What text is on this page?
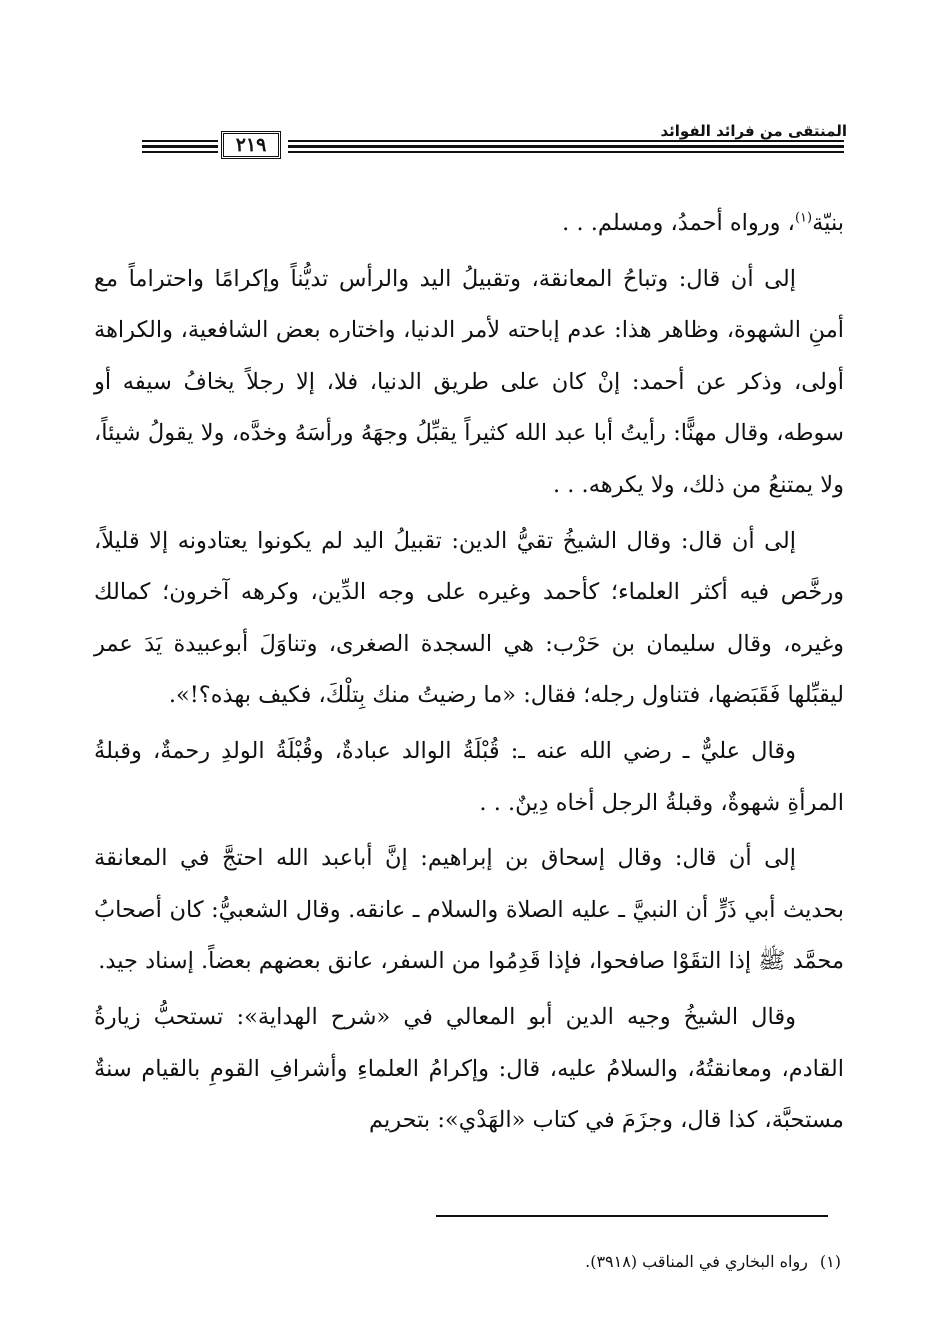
المنتقى من فرائد الفوائد
٢١٩

بنيّة$^{(١)}$، ورواه أحمدُ، ومسلم. . .

إلى أن قال: وتباحُ المعانقة، وتقبيلُ اليد والرأس تديُّناً وإكرامًا واحتراماً مع أمنِ الشهوة، وظاهر هذا: عدم إباحته لأمر الدنيا، واختاره بعض الشافعية، والكراهة أولى، وذكر عن أحمد: إنْ كان على طريق الدنيا، فلا، إلا رجلاً يخافُ سيفه أو سوطه، وقال مهنًّا: رأيتُ أبا عبد الله كثيراً يقبِّلُ وجهَهُ ورأسَهُ وخدَّه، ولا يقولُ شيئاً، ولا يمتنعُ من ذلك، ولا يكرهه. . .

إلى أن قال: وقال الشيخُ تقيُّ الدين: تقبيلُ اليد لم يكونوا يعتادونه إلا قليلاً، ورخَّص فيه أكثر العلماء؛ كأحمد وغيره على وجه الدِّين، وكرهه آخرون؛ كمالك وغيره، وقال سليمان بن حَرْب: هي السجدة الصغرى، وتناوَلَ أبوعبيدة يَدَ عمر ليقبِّلها فَقَبَضها، فتناول رجله؛ فقال: «ما رضيتُ منك بِتلْكَ، فكيف بهذه؟!».

وقال عليٌّ ـ رضي الله عنه ـ: قُبْلَةُ الوالد عبادةٌ، وقُبْلَةُ الولدِ رحمةٌ، وقبلةُ المرأةِ شهوةٌ، وقبلةُ الرجل أخاه دِينٌ. . .

إلى أن قال: وقال إسحاق بن إبراهيم: إنَّ أباعبد الله احتجَّ في المعانقة بحديث أبي ذَرٍّ أن النبيَّ ـ عليه الصلاة والسلام ـ عانقه. وقال الشعبيُّ: كان أصحابُ محمَّد ﷺ إذا التقَوْا صافحوا، فإذا قَدِمُوا من السفر، عانق بعضهم بعضاً. إسناد جيد.

وقال الشيخُ وجيه الدين أبو المعالي في «شرح الهداية»: تستحبُّ زيارةُ القادم، ومعانقتُهُ، والسلامُ عليه، قال: وإكرامُ العلماءِ وأشرافِ القومِ بالقيام سنةٌ مستحبَّة، كذا قال، وجزَمَ في كتاب «الهَدْي»: بتحريم

(١)رواه البخاري في المناقب (٣٩١٨).
